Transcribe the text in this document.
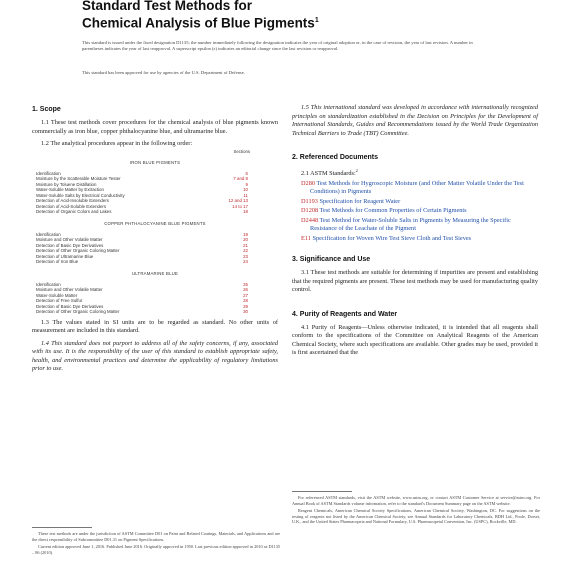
Standard Test Methods for
Chemical Analysis of Blue Pigments$^1$
This standard is issued under the fixed designation D1135; the number immediately following the designation indicates the year of original adoption or, in the case of revision, the year of last revision. A number in parentheses indicates the year of last reapproval. A superscript epsilon (ε) indicates an editorial change since the last revision or reapproval.
This standard has been approved for use by agencies of the U.S. Department of Defense.
1. Scope
1.1 These test methods cover procedures for the chemical analysis of blue pigments known commercially as iron blue, copper phthalocyanine blue, and ultramarine blue.
1.2 The analytical procedures appear in the following order:
Sections
IRON BLUE PIGMENTS
Identification	6
Moisture by the Scatterable Moisture Tester	7 and 8
Moisture by Toluene Distillation	9
Water-Soluble Matter by Extraction	10
Water-Soluble Salts by Electrical Conductivity	11
Detection of Acid-Insoluble Extenders	12 and 13
Detection of Acid-Soluble Extenders	14 to 17
Detection of Organic Colors and Lakes	18
COPPER PHTHALOCYANINE BLUE PIGMENTS
Identification	19
Moisture and Other Volatile Matter	20
Detection of Basic Dye Derivatives	21
Detection of Other Organic Coloring Matter	22
Detection of Ultramarine Blue	23
Detection of Iron Blue	24
ULTRAMARINE BLUE
Identification	25
Moisture and Other Volatile Matter	26
Water-Soluble Matter	27
Detection of Free Sulfur	28
Detection of Basic Dye Derivatives	29
Detection of Other Organic Coloring Matter	30
1.3 The values stated in SI units are to be regarded as standard. No other units of measurement are included in this standard.
1.4 This standard does not purport to address all of the safety concerns, if any, associated with its use. It is the responsibility of the user of this standard to establish appropriate safety, health, and environmental practices and determine the applicability of regulatory limitations prior to use.
1.5 This international standard was developed in accordance with internationally recognized principles on standardization established in the Decision on Principles for the Development of International Standards, Guides and Recommendations issued by the World Trade Organization Technical Barriers to Trade (TBT) Committee.
2. Referenced Documents
2.1 ASTM Standards:$^2$
D280 Test Methods for Hygroscopic Moisture (and Other Matter Volatile Under the Test Conditions) in Pigments
D1193 Specification for Reagent Water
D1208 Test Methods for Common Properties of Certain Pigments
D2448 Test Method for Water-Soluble Salts in Pigments by Measuring the Specific Resistance of the Leachate of the Pigment
E11 Specification for Woven Wire Test Sieve Cloth and Test Sieves
3. Significance and Use
3.1 These test methods are suitable for determining if impurities are present and establishing that the required pigments are present. These test methods may be used for manufacturing quality control.
4. Purity of Reagents and Water
4.1 Purity of Reagents—Unless otherwise indicated, it is intended that all reagents shall conform to the specifications of the Committee on Analytical Reagents of the American Chemical Society, where such specifications are available. Other grades may be used, provided it is first ascertained that the

These test methods are under the jurisdiction of ASTM Committee D01 on Paint and Related Coatings, Materials, and Applications and are the direct responsibility of Subcommittee D01.31 on Pigment Specifications.

Current edition approved June 1, 2016. Published June 2016. Originally approved in 1950. Last previous edition approved in 2010 as D1135 – 86 (2010).

For referenced ASTM standards, visit the ASTM website, www.astm.org, or contact ASTM Customer Service at service@astm.org. For Annual Book of ASTM Standards volume information, refer to the standard's Document Summary page on the ASTM website.

Reagent Chemicals, American Chemical Society Specifications, American Chemical Society, Washington, DC. For suggestions on the testing of reagents not listed by the American Chemical Society, see Annual Standards for Laboratory Chemicals, BDH Ltd., Poole, Dorset, U.K., and the United States Pharmacopeia and National Formulary, U.S. Pharmacopeial Convention, Inc. (USPC), Rockville, MD.
